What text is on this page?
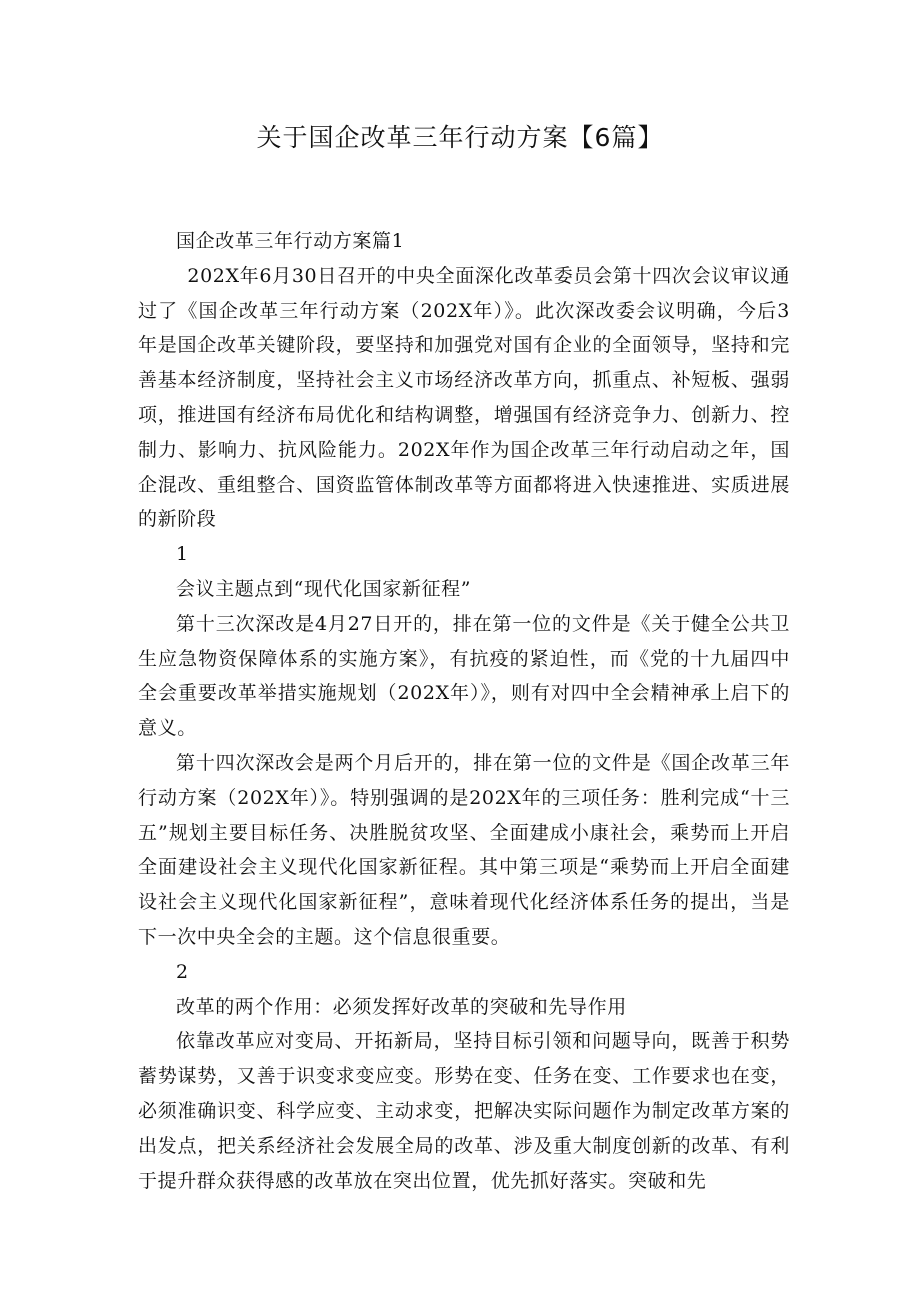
关于国企改革三年行动方案【6篇】

国企改革三年行动方案篇1

202X年6月30日召开的中央全面深化改革委员会第十四次会议审议通过了《国企改革三年行动方案（202X年）》。此次深改委会议明确，今后3年是国企改革关键阶段，要坚持和加强党对国有企业的全面领导，坚持和完善基本经济制度，坚持社会主义市场经济改革方向，抓重点、补短板、强弱项，推进国有经济布局优化和结构调整，增强国有经济竞争力、创新力、控制力、影响力、抗风险能力。202X年作为国企改革三年行动启动之年，国企混改、重组整合、国资监管体制改革等方面都将进入快速推进、实质进展的新阶段

1

会议主题点到“现代化国家新征程”

第十三次深改是4月27日开的，排在第一位的文件是《关于健全公共卫生应急物资保障体系的实施方案》，有抗疫的紧迫性，而《党的十九届四中全会重要改革举措实施规划（202X年）》，则有对四中全会精神承上启下的意义。

第十四次深改会是两个月后开的，排在第一位的文件是《国企改革三年行动方案（202X年）》。特别强调的是202X年的三项任务：胜利完成“十三五”规划主要目标任务、决胜脱贫攻坚、全面建成小康社会，乘势而上开启全面建设社会主义现代化国家新征程。其中第三项是“乘势而上开启全面建设社会主义现代化国家新征程”，意味着现代化经济体系任务的提出，当是下一次中央全会的主题。这个信息很重要。

2

改革的两个作用：必须发挥好改革的突破和先导作用

依靠改革应对变局、开拓新局，坚持目标引领和问题导向，既善于积势蓄势谋势，又善于识变求变应变。形势在变、任务在变、工作要求也在变，必须准确识变、科学应变、主动求变，把解决实际问题作为制定改革方案的出发点，把关系经济社会发展全局的改革、涉及重大制度创新的改革、有利于提升群众获得感的改革放在突出位置，优先抓好落实。突破和先
